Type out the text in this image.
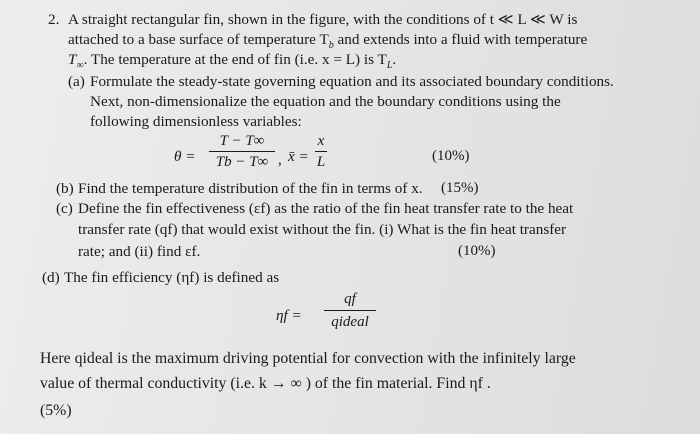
2. A straight rectangular fin, shown in the figure, with the conditions of t ≪ L ≪ W is
attached to a base surface of temperature $T_b$ and extends into a fluid with temperature
$T_\infty$. The temperature at the end of fin (i.e. x = L) is $T_L$.
(a) Formulate the steady-state governing equation and its associated boundary conditions.
Next, non-dimensionalize the equation and the boundary conditions using the
following dimensionless variables:
θ =
T − T∞
Tb − T∞ , x̄ =
x
L	(10%)
(b) Find the temperature distribution of the fin in terms of x. (15%)
(c) Define the fin effectiveness (εf) as the ratio of the fin heat transfer rate to the heat
transfer rate (qf) that would exist without the fin. (i) What is the fin heat transfer
rate; and (ii) find εf.	(10%)
(d) The fin efficiency (ηf) is defined as
ηf =
qf
qideal
Here qideal is the maximum driving potential for convection with the infinitely large
value of thermal conductivity (i.e. k → ∞ ) of the fin material. Find ηf .
(5%)
